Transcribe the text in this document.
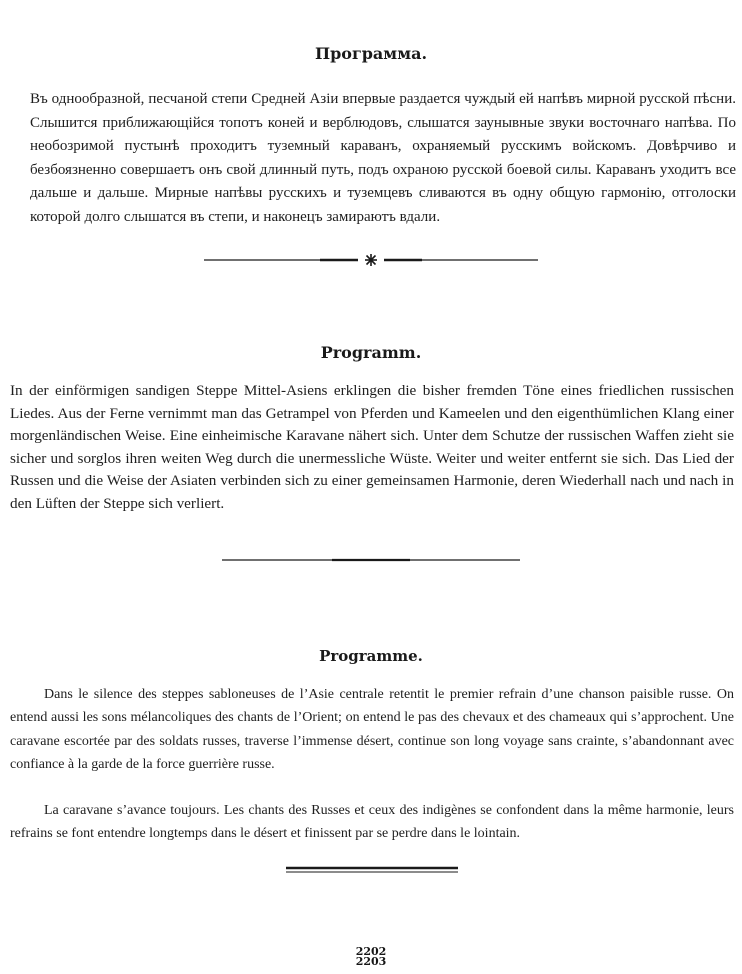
Программа.
Въ однообразной, песчаной степи Средней Азiи впервые раздается чуждый ей напѣвъ мирной русской пѣсни. Слышится приближающiйся топотъ коней и верблюдовъ, слышатся заунывные звуки восточнаго напѣва. По необозримой пустынѣ проходитъ туземный караванъ, охраняемый русскимъ войскомъ. Довѣрчиво и безбоязненно совершаетъ онъ свой длинный путь, подъ охраною русской боевой силы. Караванъ уходитъ все дальше и дальше. Мирные напѣвы русскихъ и туземцевъ сливаются въ одну общую гармонiю, отголоски которой долго слышатся въ степи, и наконецъ замираютъ вдали.
Programm.
In der einförmigen sandigen Steppe Mittel-Asiens erklingen die bisher fremden Töne eines friedlichen russischen Liedes. Aus der Ferne vernimmt man das Getrampel von Pferden und Kameelen und den eigenthümlichen Klang einer morgenländischen Weise. Eine einheimische Karavane nähert sich. Unter dem Schutze der russischen Waffen zieht sie sicher und sorglos ihren weiten Weg durch die unermessliche Wüste. Weiter und weiter entfernt sie sich. Das Lied der Russen und die Weise der Asiaten verbinden sich zu einer gemeinsamen Harmonie, deren Wiederhall nach und nach in den Lüften der Steppe sich verliert.
Programme.
Dans le silence des steppes sabloneuses de l’Asie centrale retentit le premier refrain d’une chanson paisible russe. On entend aussi les sons mélancoliques des chants de l’Orient; on entend le pas des chevaux et des chameaux qui s’approchent. Une caravane escortée par des soldats russes, traverse l’immense désert, continue son long voyage sans crainte, s’abandonnant avec confiance à la garde de la force guerrière russe.
La caravane s’avance toujours. Les chants des Russes et ceux des indigènes se confondent dans la même harmonie, leurs refrains se font entendre longtemps dans le désert et finissent par se perdre dans le lointain.
2202
2203
